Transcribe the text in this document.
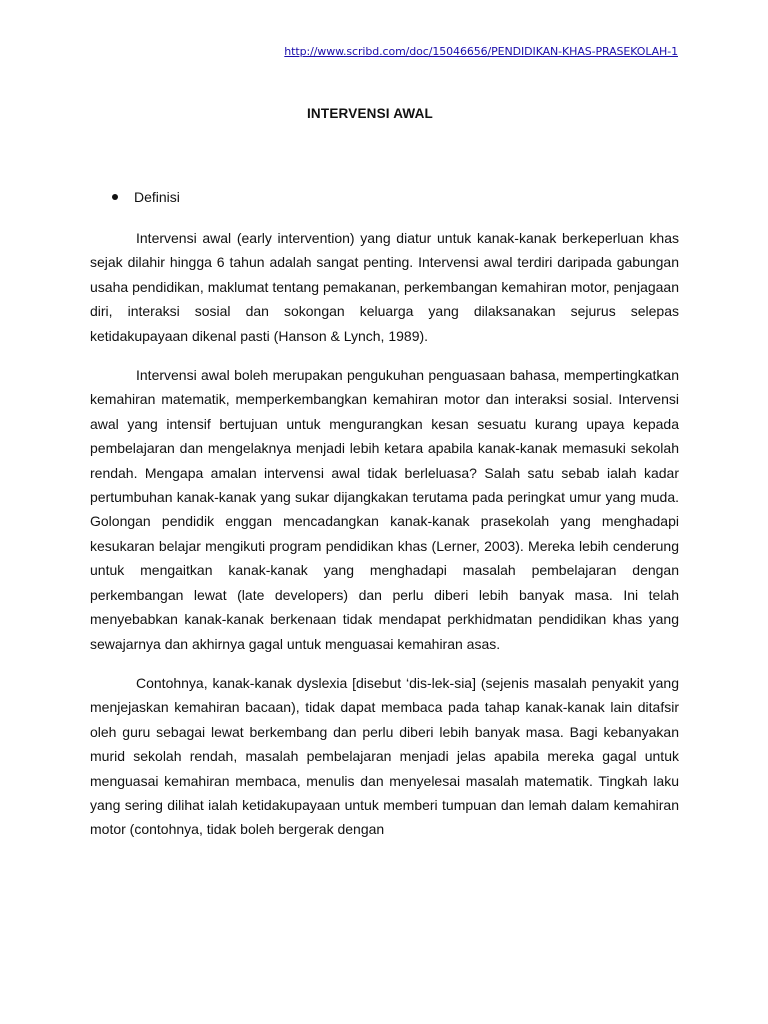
http://www.scribd.com/doc/15046656/PENDIDIKAN-KHAS-PRASEKOLAH-1
INTERVENSI AWAL
Definisi

Intervensi awal (early intervention) yang diatur untuk kanak-kanak berkeperluan khas sejak dilahir hingga 6 tahun adalah sangat penting. Intervensi awal terdiri daripada gabungan usaha pendidikan, maklumat tentang pemakanan, perkembangan kemahiran motor, penjagaan diri, interaksi sosial dan sokongan keluarga yang dilaksanakan sejurus selepas ketidakupayaan dikenal pasti (Hanson & Lynch, 1989).

Intervensi awal boleh merupakan pengukuhan penguasaan bahasa, mempertingkatkan kemahiran matematik, memperkembangkan kemahiran motor dan interaksi sosial. Intervensi awal yang intensif bertujuan untuk mengurangkan kesan sesuatu kurang upaya kepada pembelajaran dan mengelaknya menjadi lebih ketara apabila kanak-kanak memasuki sekolah rendah. Mengapa amalan intervensi awal tidak berleluasa? Salah satu sebab ialah kadar pertumbuhan kanak-kanak yang sukar dijangkakan terutama pada peringkat umur yang muda. Golongan pendidik enggan mencadangkan kanak-kanak prasekolah yang menghadapi kesukaran belajar mengikuti program pendidikan khas (Lerner, 2003). Mereka lebih cenderung untuk mengaitkan kanak-kanak yang menghadapi masalah pembelajaran dengan perkembangan lewat (late developers) dan perlu diberi lebih banyak masa. Ini telah menyebabkan kanak-kanak berkenaan tidak mendapat perkhidmatan pendidikan khas yang sewajarnya dan akhirnya gagal untuk menguasai kemahiran asas.

Contohnya, kanak-kanak dyslexia [disebut ‘dis-lek-sia] (sejenis masalah penyakit yang menjejaskan kemahiran bacaan), tidak dapat membaca pada tahap kanak-kanak lain ditafsir oleh guru sebagai lewat berkembang dan perlu diberi lebih banyak masa. Bagi kebanyakan murid sekolah rendah, masalah pembelajaran menjadi jelas apabila mereka gagal untuk menguasai kemahiran membaca, menulis dan menyelesai masalah matematik. Tingkah laku yang sering dilihat ialah ketidakupayaan untuk memberi tumpuan dan lemah dalam kemahiran motor (contohnya, tidak boleh bergerak dengan
